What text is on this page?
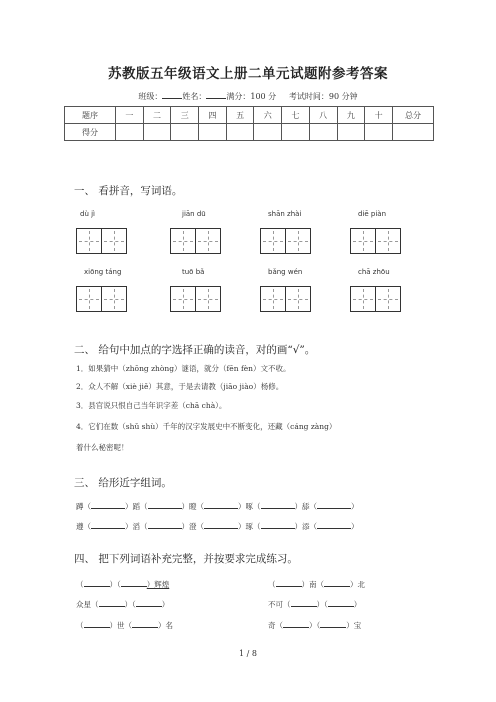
苏教版五年级语文上册二单元试题附参考答案
班级：	姓名：	满分：100 分 考试时间：90 分钟
题序	一	二	三	四	五	六	七	八	九	十	总分
得分											
一、 看拼音，写词语。
dù jì	jiān dū	shān zhài	diē piàn
xiōng táng	tuō bǎ	bǎng wén	chā zhōu
二、 给句中加点的字选择正确的读音，对的画“√”。
1．如果猜中（zhōng zhòng）谜语，就分（fēn fèn）文不收。
2．众人不解（xiè jiě）其意，于是去请教（jiāo jiào）杨修。
3．县官说只恨自己当年识字差（chā chà）。
4．它们在数（shǔ shù）千年的汉字发展史中不断变化，还藏（cáng zàng）
着什么秘密呢！
三、 给形近字组词。
蹲（	）蹈（	）瞪（	）啄（	）舔（	）
遵（	）滔（	）澄（	）琢（	）添（	）
四、 把下列词语补充完整，并按要求完成练习。
（	）（	）辉煌
众星（	）（	）
（	）世（	）名
（	）南（	）北
不可（	）（	）
奇（	）（	）宝
1 / 8
